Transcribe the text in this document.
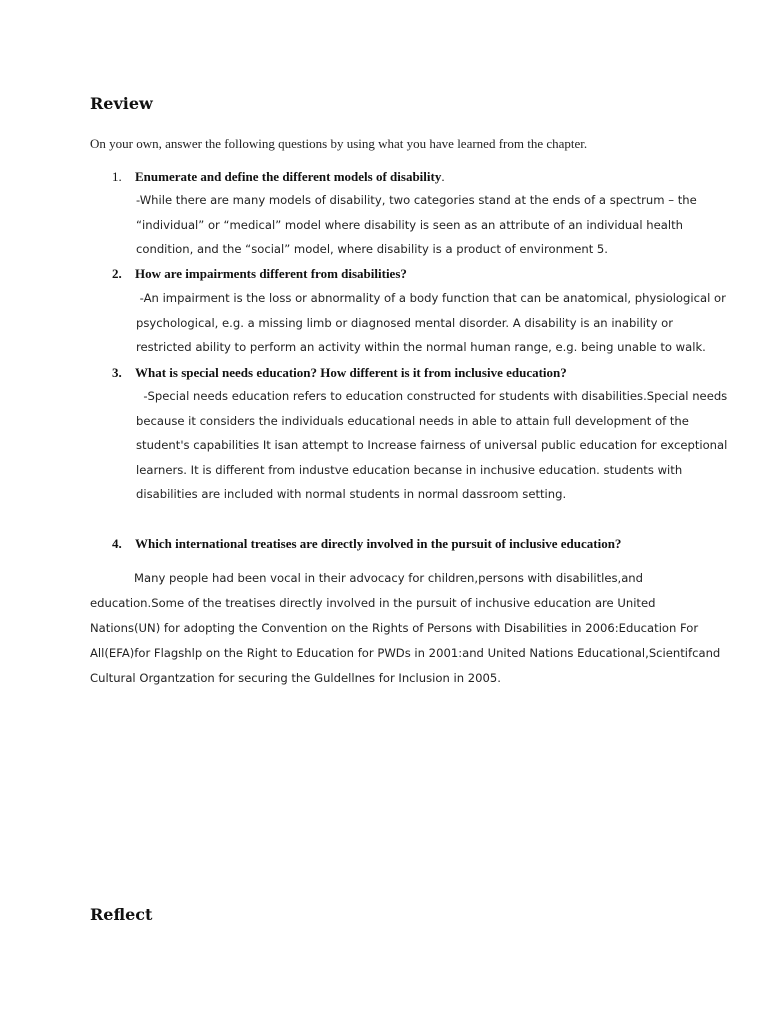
Review

On your own, answer the following questions by using what you have learned from the chapter.

1. Enumerate and define the different models of disability.

-While there are many models of disability, two categories stand at the ends of a spectrum – the
“individual” or “medical” model where disability is seen as an attribute of an individual health
condition, and the “social” model, where disability is a product of environment 5.

2. How are impairments different from disabilities?

-An impairment is the loss or abnormality of a body function that can be anatomical, physiological or
psychological, e.g. a missing limb or diagnosed mental disorder. A disability is an inability or
restricted ability to perform an activity within the normal human range, e.g. being unable to walk.

3. What is special needs education? How different is it from inclusive education?

-Special needs education refers to education constructed for students with disabilities.Special needs
because it considers the individuals educational needs in able to attain full development of the
student's capabilities It isan attempt to Increase fairness of universal public education for exceptional
learners. It is different from industve education becanse in inchusive education. students with
disabilities are included with normal students in normal dassroom setting.

4. Which international treatises are directly involved in the pursuit of inclusive education?

Many people had been vocal in their advocacy for children,persons with disabilitles,and
education.Some of the treatises directly involved in the pursuit of inchusive education are United
Nations(UN) for adopting the Convention on the Rights of Persons with Disabilities in 2006:Education For
All(EFA)for Flagshlp on the Right to Education for PWDs in 2001:and United Nations Educational,Scientifcand
Cultural Organtzation for securing the Guldellnes for Inclusion in 2005.
Reflect
